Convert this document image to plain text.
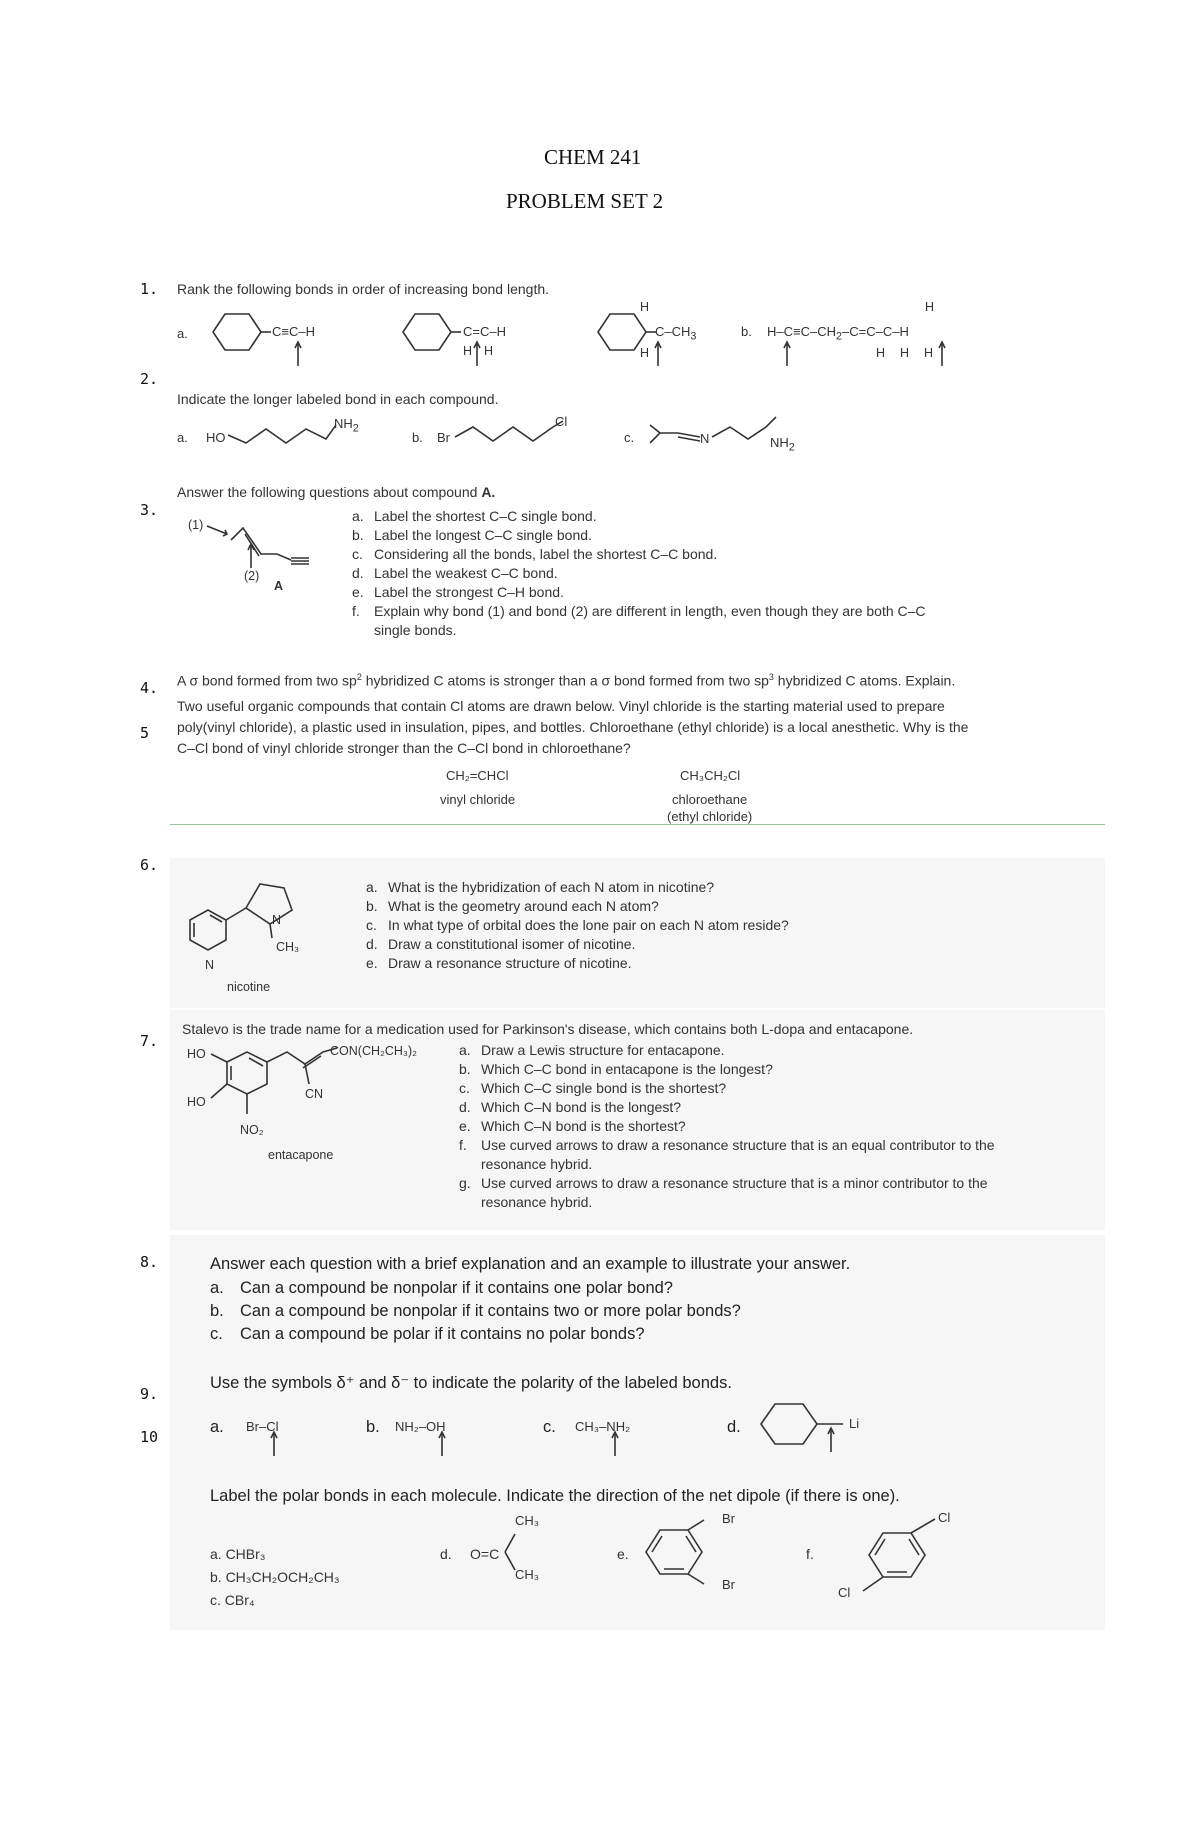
CHEM 241
PROBLEM SET 2
1.
2.
3.
4.
5
6.
7.
8.
9.
10
Rank the following bonds in order of increasing bond length.
a.	C≡C–H	C=C–H
H H
H
$C-CH_3$
H
b.
H
$H-C\equiv C-CH_2-C=C-C-H$
H H H
Indicate the longer labeled bond in each compound.
a. HO
$NH_2$
b. Br
Cl
c.	N	$NH_2$
Answer the following questions about compound A.
(1)
(2)
A
a. Label the shortest C–C single bond.
b. Label the longest C–C single bond.
c. Considering all the bonds, label the shortest C–C bond.
d. Label the weakest C–C bond.
e. Label the strongest C–H bond.
f. Explain why bond (1) and bond (2) are different in length, even though they are both C–C
single bonds.
A σ bond formed from two $sp^2$ hybridized C atoms is stronger than a σ bond formed from two $sp^3$ hybridized C atoms. Explain.
Two useful organic compounds that contain Cl atoms are drawn below. Vinyl chloride is the starting material used to prepare
poly(vinyl chloride), a plastic used in insulation, pipes, and bottles. Chloroethane (ethyl chloride) is a local anesthetic. Why is the
C–Cl bond of vinyl chloride stronger than the C–Cl bond in chloroethane?
CH₂=CHCl
vinyl chloride
CH₃CH₂Cl
chloroethane
(ethyl chloride)
N
N
CH₃
nicotine
a. What is the hybridization of each N atom in nicotine?
b. What is the geometry around each N atom?
c. In what type of orbital does the lone pair on each N atom reside?
d. Draw a constitutional isomer of nicotine.
e. Draw a resonance structure of nicotine.
Stalevo is the trade name for a medication used for Parkinson's disease, which contains both L-dopa and entacapone.
HO
HO
CON(CH₂CH₃)₂
CN
NO₂
entacapone
a. Draw a Lewis structure for entacapone.
b. Which C–C bond in entacapone is the longest?
c. Which C–C single bond is the shortest?
d. Which C–N bond is the longest?
e. Which C–N bond is the shortest?
f. Use curved arrows to draw a resonance structure that is an equal contributor to the
resonance hybrid.
g. Use curved arrows to draw a resonance structure that is a minor contributor to the
resonance hybrid.
Answer each question with a brief explanation and an example to illustrate your answer.
a. Can a compound be nonpolar if it contains one polar bond?
b. Can a compound be nonpolar if it contains two or more polar bonds?
c. Can a compound be polar if it contains no polar bonds?
Use the symbols δ⁺ and δ⁻ to indicate the polarity of the labeled bonds.
a. Br–Cl	b. NH₂–OH	c. CH₃–NH₂	d.	Li
Label the polar bonds in each molecule. Indicate the direction of the net dipole (if there is one).
a. CHBr₃
b. CH₃CH₂OCH₂CH₃
c. CBr₄
d. O=C
CH₃
CH₃
e.
Br
Br
f.
Cl
Cl
